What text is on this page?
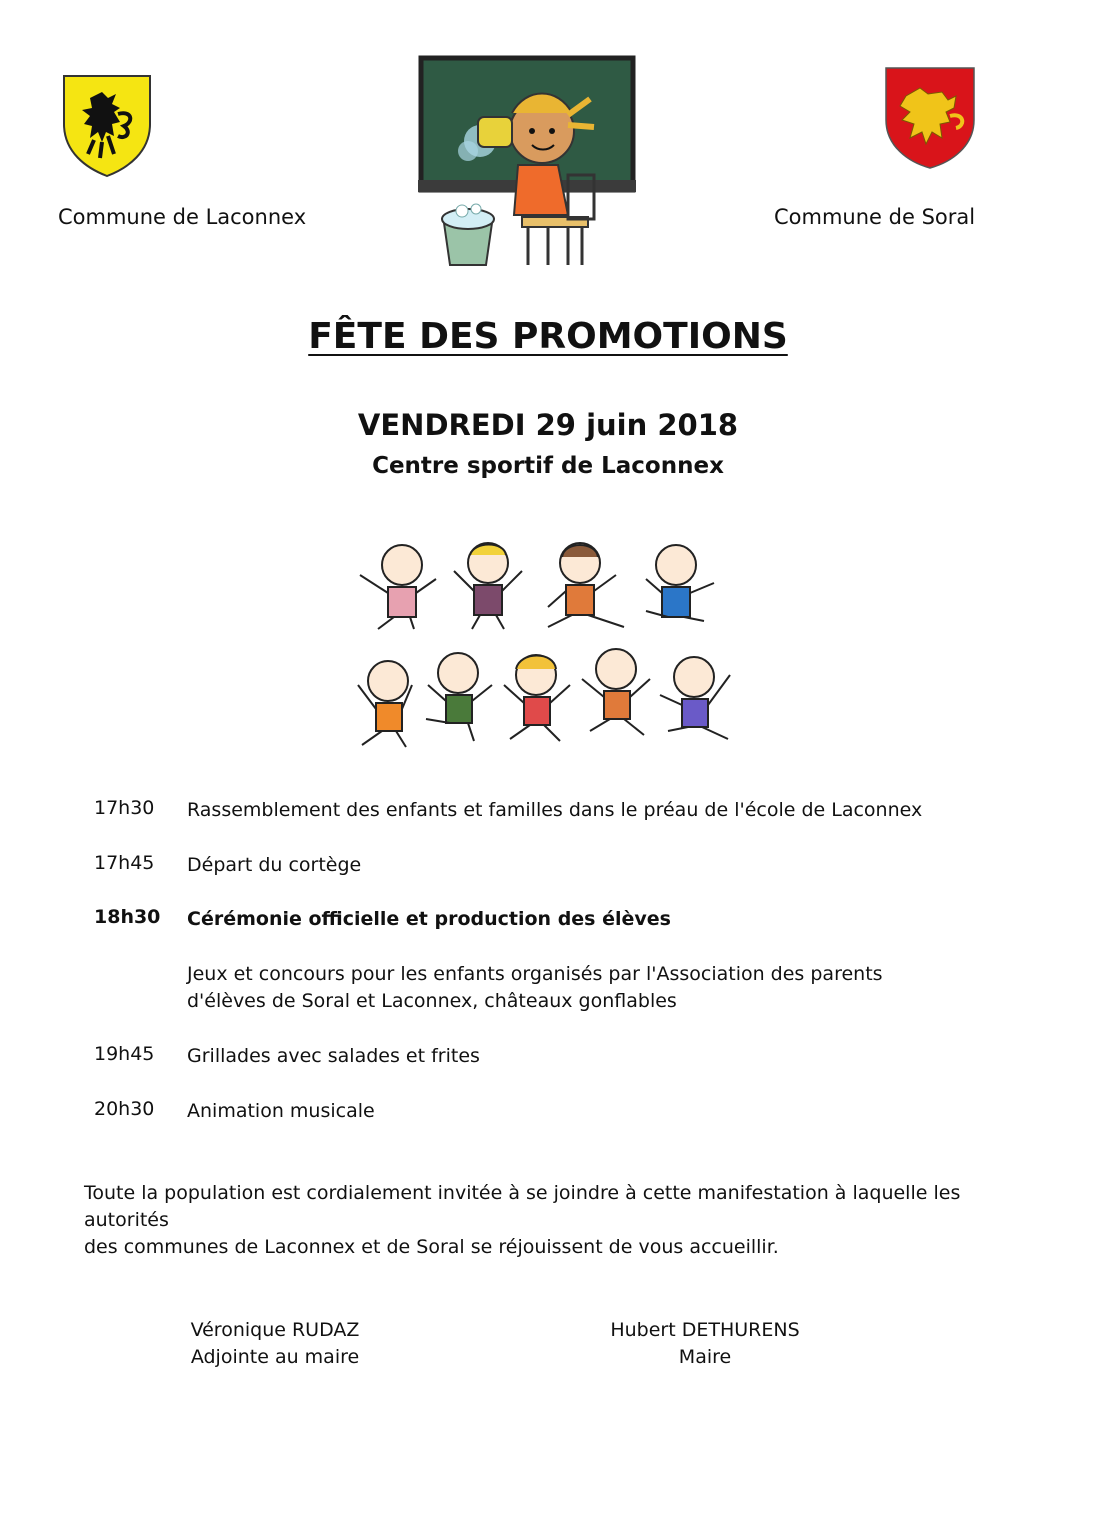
Commune de Laconnex	Commune de Soral
FÊTE DES PROMOTIONS
VENDREDI 29 juin 2018
Centre sportif de Laconnex
17h30 Rassemblement des enfants et familles dans le préau de l'école de Laconnex
17h45 Départ du cortège
18h30 Cérémonie officielle et production des élèves
Jeux et concours pour les enfants organisés par l'Association des parents
d'élèves de Soral et Laconnex, châteaux gonflables
19h45 Grillades avec salades et frites
20h30 Animation musicale
Toute la population est cordialement invitée à se joindre à cette manifestation à laquelle les autorités
des communes de Laconnex et de Soral se réjouissent de vous accueillir.
Véronique RUDAZ
Adjointe au maire
Hubert DETHURENS
Maire
